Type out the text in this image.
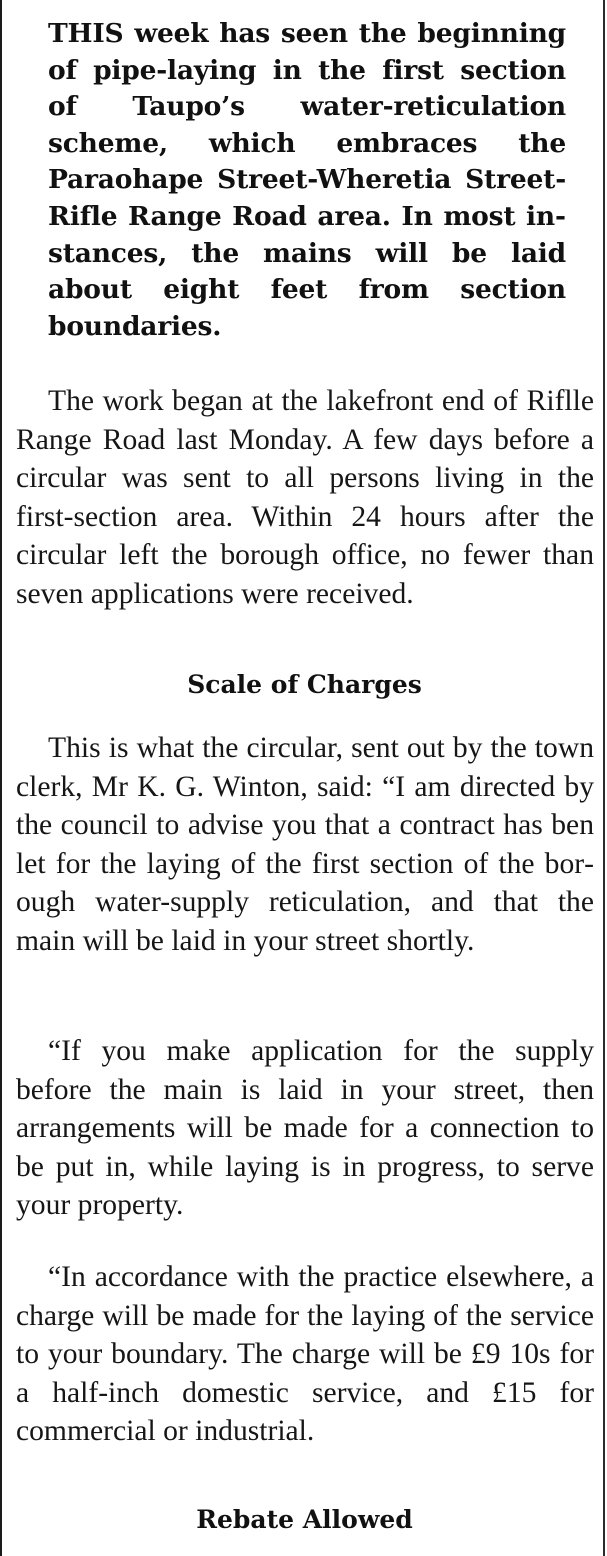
THIS week has seen the beginning of pipe-laying in the first section of Taupo’s water-reticulation scheme, which embraces the Paraohape Street-Wheretia Street-Rifle Range Road area. In most instances, the mains will be laid about eight feet from section boundaries.
The work began at the lakefront end of Riflle Range Road last Monday. A few days before a circular was sent to all persons living in the first-section area. Within 24 hours after the circular left the borough office, no fewer than seven applications were received.
Scale of Charges
This is what the circular, sent out by the town clerk, Mr K. G. Winton, said: “I am directed by the council to advise you that a contract has ben let for the laying of the first section of the borough water-supply reticulation, and that the main will be laid in your street shortly.
“If you make application for the supply before the main is laid in your street, then arrangements will be made for a connection to be put in, while laying is in progress, to serve your property.
“In accordance with the practice elsewhere, a charge will be made for the laying of the service to your boundary. The charge will be £9 10s for a half-inch domestic service, and £15 for commercial or industrial.
Rebate Allowed
